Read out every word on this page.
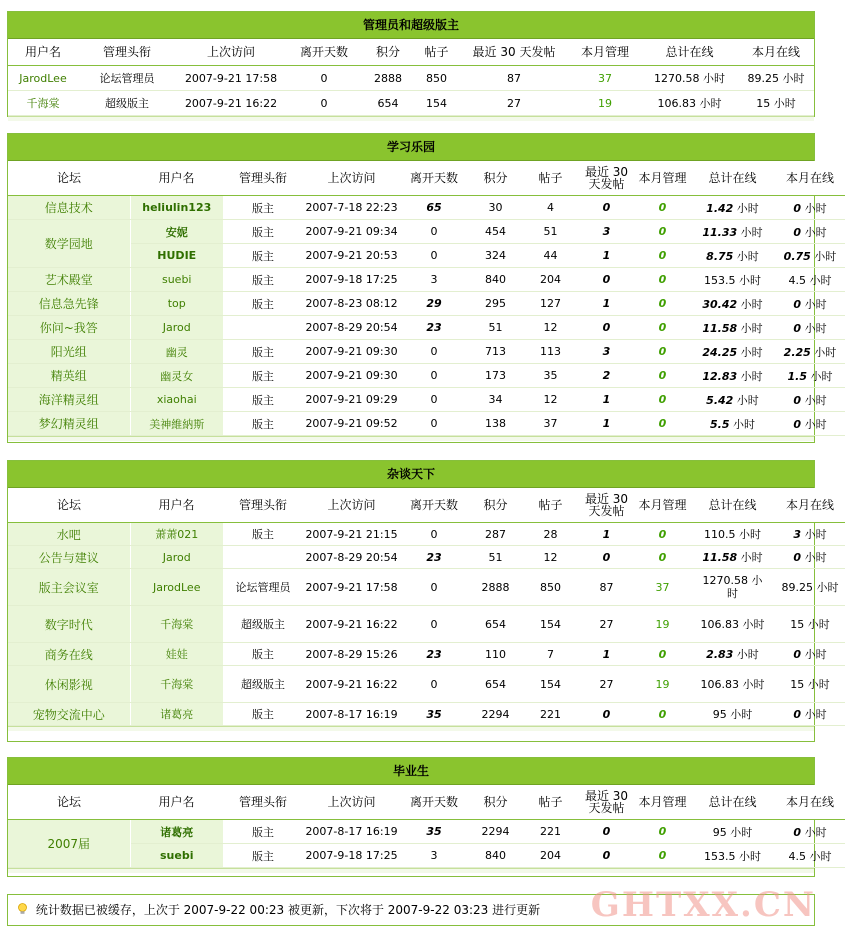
管理员和超级版主
用户名	管理头衔	上次访问	离开天数	积分	帖子	最近 30 天发帖	本月管理	总计在线	本月在线
JarodLee	论坛管理员	2007-9-21 17:58	0	2888	850	87	37	1270.58 小时	89.25 小时
千海棠	超级版主	2007-9-21 16:22	0	654	154	27	19	106.83 小时	15 小时
学习乐园
论坛	用户名	管理头衔	上次访问	离开天数	积分	帖子	最近 30 天发帖	本月管理	总计在线	本月在线
信息技术	heliulin123	版主	2007-7-18 22:23	65	30	4	0	0	1.42 小时	0 小时
数学园地	安妮	版主	2007-9-21 09:34	0	454	51	3	0	11.33 小时	0 小时
	HUDIE	版主	2007-9-21 20:53	0	324	44	1	0	8.75 小时	0.75 小时
艺术殿堂	suebi	版主	2007-9-18 17:25	3	840	204	0	0	153.5 小时	4.5 小时
信息急先锋	top	版主	2007-8-23 08:12	29	295	127	1	0	30.42 小时	0 小时
你问~我答	Jarod		2007-8-29 20:54	23	51	12	0	0	11.58 小时	0 小时
阳光组	幽灵	版主	2007-9-21 09:30	0	713	113	3	0	24.25 小时	2.25 小时
精英组	幽灵女	版主	2007-9-21 09:30	0	173	35	2	0	12.83 小时	1.5 小时
海洋精灵组	xiaohai	版主	2007-9-21 09:29	0	34	12	1	0	5.42 小时	0 小时
梦幻精灵组	美神維納斯	版主	2007-9-21 09:52	0	138	37	1	0	5.5 小时	0 小时
杂谈天下
论坛	用户名	管理头衔	上次访问	离开天数	积分	帖子	最近 30 天发帖	本月管理	总计在线	本月在线
水吧	萧萧021	版主	2007-9-21 21:15	0	287	28	1	0	110.5 小时	3 小时
公告与建议	Jarod		2007-8-29 20:54	23	51	12	0	0	11.58 小时	0 小时
版主会议室	JarodLee	论坛管理员	2007-9-21 17:58	0	2888	850	87	37	1270.58 小时	89.25 小时
数字时代	千海棠	超级版主	2007-9-21 16:22	0	654	154	27	19	106.83 小时	15 小时
商务在线	娃娃	版主	2007-8-29 15:26	23	110	7	1	0	2.83 小时	0 小时
休闲影视	千海棠	超级版主	2007-9-21 16:22	0	654	154	27	19	106.83 小时	15 小时
宠物交流中心	诸葛亮	版主	2007-8-17 16:19	35	2294	221	0	0	95 小时	0 小时
毕业生
论坛	用户名	管理头衔	上次访问	离开天数	积分	帖子	最近 30 天发帖	本月管理	总计在线	本月在线
2007届	诸葛亮	版主	2007-8-17 16:19	35	2294	221	0	0	95 小时	0 小时
	suebi	版主	2007-9-18 17:25	3	840	204	0	0	153.5 小时	4.5 小时
统计数据已被缓存，上次于 2007-9-22 00:23 被更新，下次将于 2007-9-22 03:23 进行更新	GHTXX.CN
